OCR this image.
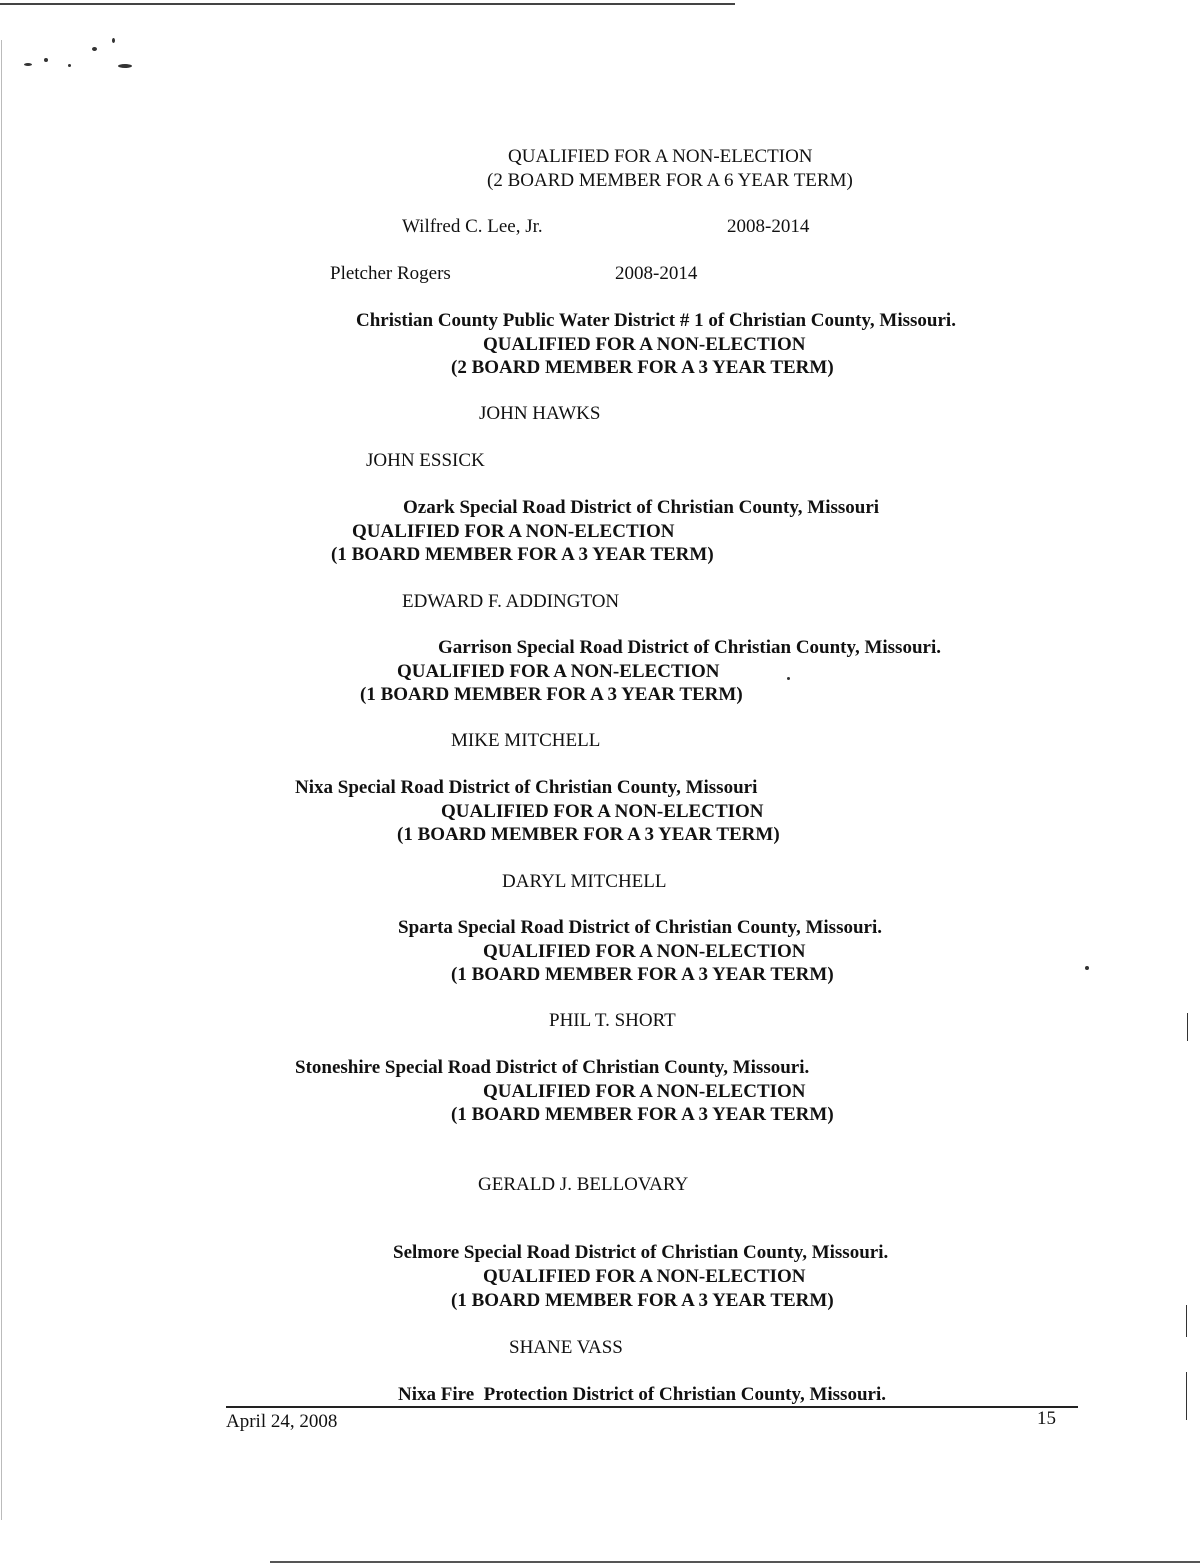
QUALIFIED FOR A NON-ELECTION
(2 BOARD MEMBER FOR A 6 YEAR TERM)
Wilfred C. Lee, Jr.	2008-2014
Pletcher Rogers	2008-2014
Christian County Public Water District # 1 of Christian County, Missouri.
QUALIFIED FOR A NON-ELECTION
(2 BOARD MEMBER FOR A 3 YEAR TERM)
JOHN HAWKS
JOHN ESSICK
Ozark Special Road District of Christian County, Missouri
QUALIFIED FOR A NON-ELECTION
(1 BOARD MEMBER FOR A 3 YEAR TERM)
EDWARD F. ADDINGTON
Garrison Special Road District of Christian County, Missouri.
QUALIFIED FOR A NON-ELECTION
(1 BOARD MEMBER FOR A 3 YEAR TERM)
MIKE MITCHELL
Nixa Special Road District of Christian County, Missouri
QUALIFIED FOR A NON-ELECTION
(1 BOARD MEMBER FOR A 3 YEAR TERM)
DARYL MITCHELL
Sparta Special Road District of Christian County, Missouri.
QUALIFIED FOR A NON-ELECTION
(1 BOARD MEMBER FOR A 3 YEAR TERM)
PHIL T. SHORT
Stoneshire Special Road District of Christian County, Missouri.
QUALIFIED FOR A NON-ELECTION
(1 BOARD MEMBER FOR A 3 YEAR TERM)
GERALD J. BELLOVARY
Selmore Special Road District of Christian County, Missouri.
QUALIFIED FOR A NON-ELECTION
(1 BOARD MEMBER FOR A 3 YEAR TERM)
SHANE VASS
Nixa Fire  Protection District of Christian County, Missouri.
April 24, 2008	15
